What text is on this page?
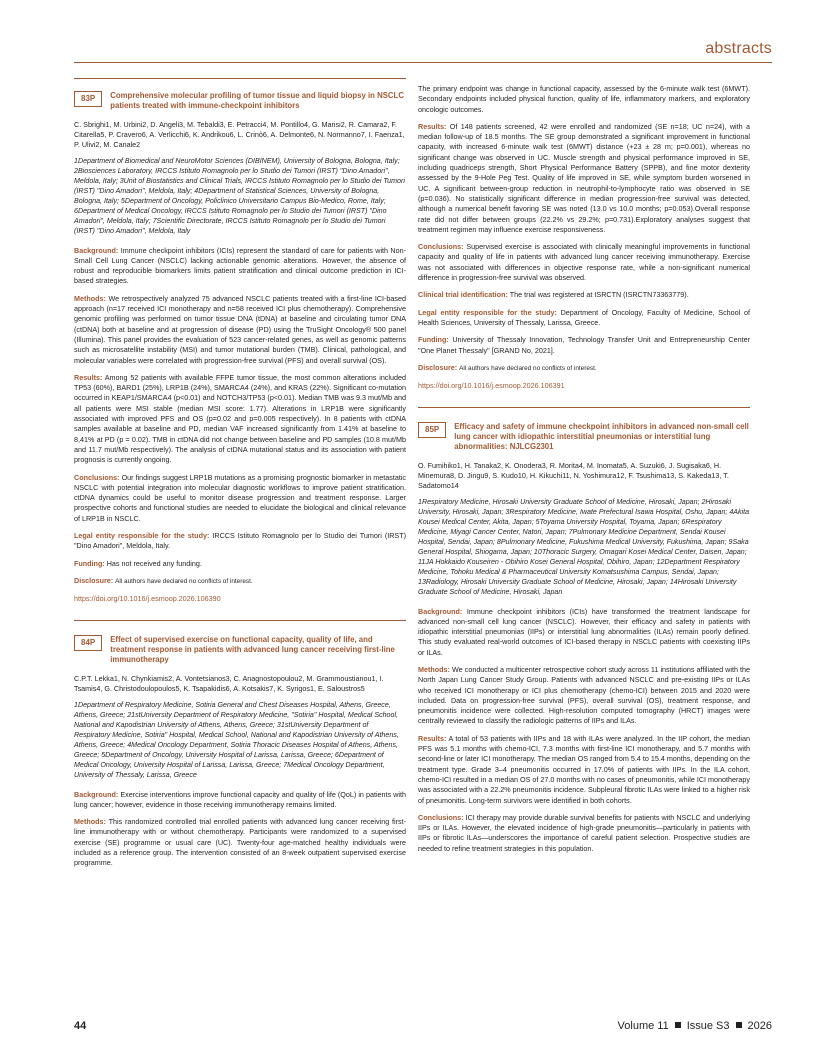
abstracts
83P	Comprehensive molecular profiling of tumor tissue and liquid biopsy in NSCLC patients treated with immune-checkpoint inhibitors

C. Sbrighi1, M. Urbini2, D. Angeli3, M. Tebaldi3, E. Petracci4, M. Pontillo4, G. Marisi2, R. Camara2, F. Citarella5, P. Cravero6, A. Verlicchi6, K. Andrikou6, L. Crinò6, A. Delmonte6, N. Normanno7, I. Faenza1, P. Ulivi2, M. Canale2

1Department of Biomedical and NeuroMotor Sciences (DIBINEM), University of Bologna, Bologna, Italy; 2Biosciences Laboratory, IRCCS Istituto Romagnolo per lo Studio dei Tumori (IRST) "Dino Amadori", Meldola, Italy; 3Unit of Biostatistics and Clinical Trials, IRCCS Istituto Romagnolo per lo Studio dei Tumori (IRST) "Dino Amadori", Meldola, Italy; 4Department of Statistical Sciences, University of Bologna, Bologna, Italy; 5Department of Oncology, Policlinico Universitario Campus Bio-Medico, Rome, Italy; 6Department of Medical Oncology, IRCCS Istituto Romagnolo per lo Studio dei Tumori (IRST) "Dino Amadori", Meldola, Italy; 7Scientific Directorate, IRCCS Istituto Romagnolo per lo Studio dei Tumori (IRST) "Dino Amadori", Meldola, Italy

Background: Immune checkpoint inhibitors (ICIs) represent the standard of care for patients with Non-Small Cell Lung Cancer (NSCLC) lacking actionable genomic alterations. However, the absence of robust and reproducible biomarkers limits patient stratification and clinical outcome prediction in ICI-based strategies.

Methods: We retrospectively analyzed 75 advanced NSCLC patients treated with a first-line ICI-based approach (n=17 received ICI monotherapy and n=58 received ICI plus chemotherapy). Comprehensive genomic profiling was performed on tumor tissue DNA (tDNA) at baseline and circulating tumor DNA (ctDNA) both at baseline and at progression of disease (PD) using the TruSight Oncology® 500 panel (Illumina). This panel provides the evaluation of 523 cancer-related genes, as well as genomic patterns such as microsatellite instability (MSI) and tumor mutational burden (TMB). Clinical, pathological, and molecular variables were correlated with progression-free survival (PFS) and overall survival (OS).

Results: Among 52 patients with available FFPE tumor tissue, the most common alterations included TP53 (60%), BARD1 (25%), LRP1B (24%), SMARCA4 (24%), and KRAS (22%). Significant co-mutation occurred in KEAP1/SMARCA4 (p<0.01) and NOTCH3/TP53 (p<0.01). Median TMB was 9.3 mut/Mb and all patients were MSI stable (median MSI score: 1.77). Alterations in LRP1B were significantly associated with improved PFS and OS (p=0.02 and p=0.005 respectively). In 8 patients with ctDNA samples available at baseline and PD, median VAF increased significantly from 1.41% at baseline to 8,41% at PD (p = 0.02). TMB in ctDNA did not change between baseline and PD samples (10.8 mut/Mb and 11.7 mut/Mb respectively). The analysis of ctDNA mutational status and its association with patient prognosis is currently ongoing.

Conclusions: Our findings suggest LRP1B mutations as a promising prognostic biomarker in metastatic NSCLC with potential integration into molecular diagnostic workflows to improve patient stratification. ctDNA dynamics could be useful to monitor disease progression and treatment response. Larger prospective cohorts and functional studies are needed to elucidate the biological and clinical relevance of LRP1B in NSCLC.

Legal entity responsible for the study: IRCCS Istituto Romagnolo per lo Studio dei Tumori (IRST) "Dino Amadori", Meldola, Italy.

Funding: Has not received any funding.

Disclosure: All authors have declared no conflicts of interest.

https://doi.org/10.1016/j.esmoop.2026.106390

84P	Effect of supervised exercise on functional capacity, quality of life, and treatment response in patients with advanced lung cancer receiving first-line immunotherapy

C.P.T. Lekka1, N. Chynkiamis2, A. Vontetsianos3, C. Anagnostopoulou2, M. Grammoustianou1, I. Tsamis4, G. Christodoulopoulos5, K. Tsapakidis6, A. Kotsakis7, K. Syrigos1, E. Saloustros5

1Department of Respiratory Medicine, Sotiria General and Chest Diseases Hospital, Athens, Greece, Athens, Greece; 21stUniversity Department of Respiratory Medicine, "Sotiria" Hospital, Medical School, National and Kapodistrian University of Athens, Athens, Greece; 31stUniversity Department of Respiratory Medicine, Sotiria" Hospital, Medical School, National and Kapodistrian University of Athens, Athens, Greece; 4Medical Oncology Department, Sotiria Thoracic Diseases Hospital of Athens, Athens, Greece; 5Department of Oncology, University Hospital of Larissa, Larissa, Greece; 6Department of Medical Oncology, University Hospital of Larissa, Larissa, Greece; 7Medical Oncology Department, University of Thessaly, Larissa, Greece

Background: Exercise interventions improve functional capacity and quality of life (QoL) in patients with lung cancer; however, evidence in those receiving immunotherapy remains limited.

Methods: This randomized controlled trial enrolled patients with advanced lung cancer receiving first-line immunotherapy with or without chemotherapy. Participants were randomized to a supervised exercise (SE) programme or usual care (UC). Twenty-four age-matched healthy individuals were included as a reference group. The intervention consisted of an 8-week outpatient supervised exercise programme.

The primary endpoint was change in functional capacity, assessed by the 6-minute walk test (6MWT). Secondary endpoints included physical function, quality of life, inflammatory markers, and exploratory oncologic outcomes.

Results: Of 148 patients screened, 42 were enrolled and randomized (SE n=18; UC n=24), with a median follow-up of 18.5 months. The SE group demonstrated a significant improvement in functional capacity, with increased 6-minute walk test (6MWT) distance (+23 ± 28 m; p=0.001), whereas no significant change was observed in UC. Muscle strength and physical performance improved in SE, including quadriceps strength, Short Physical Performance Battery (SPPB), and fine motor dexterity assessed by the 9-Hole Peg Test. Quality of life improved in SE, while symptom burden worsened in UC. A significant between-group reduction in neutrophil-to-lymphocyte ratio was observed in SE (p=0.036). No statistically significant difference in median progression-free survival was detected, although a numerical benefit favoring SE was noted (13.0 vs 10.0 months; p=0.053).Overall response rate did not differ between groups (22.2% vs 29.2%; p=0.731).Exploratory analyses suggest that treatment regimen may influence exercise responsiveness.

Conclusions: Supervised exercise is associated with clinically meaningful improvements in functional capacity and quality of life in patients with advanced lung cancer receiving immunotherapy. Exercise was not associated with differences in objective response rate, while a non-significant numerical difference in progression-free survival was observed.

Clinical trial identification: The trial was registered at ISRCTN (ISRCTN73363779).

Legal entity responsible for the study: Department of Oncology, Faculty of Medicine, School of Health Sciences, University of Thessaly, Larissa, Greece.

Funding: University of Thessaly Innovation, Technology Transfer Unit and Entrepreneurship Center "One Planet Thessaly" [GRAND No, 2021].

Disclosure: All authors have declared no conflicts of interest.

https://doi.org/10.1016/j.esmoop.2026.106391

85P	Efficacy and safety of immune checkpoint inhibitors in advanced non-small cell lung cancer with idiopathic interstitial pneumonias or interstitial lung abnormalities: NJLCG2301

O. Fumihiko1, H. Tanaka2, K. Onodera3, R. Morita4, M. Inomata5, A. Suzuki6, J. Sugisaka6, H. Minemura8, D. Jingu9, S. Kudo10, H. Kikuchi11, N. Yoshimura12, F. Tsushima13, S. Kakeda13, T. Sadatomo14

1Respiratory Medicine, Hirosaki University Graduate School of Medicine, Hirosaki, Japan; 2Hirosaki University, Hirosaki, Japan; 3Respiratory Medicine, Iwate Prefectural Isawa Hospital, Oshu, Japan; 4Akita Kousei Medical Center, Akita, Japan; 5Toyama University Hospital, Toyama, Japan; 6Respiratory Medicine, Miyagi Cancer Center, Natori, Japan; 7Pulmonary Medicine Department, Sendai Kousei Hospital, Sendai, Japan; 8Pulmonary Medicine, Fukushima Medical University, Fukushima, Japan; 9Saka General Hospital, Shiogama, Japan; 10Thoracic Surgery, Omagari Kosei Medical Center, Daisen, Japan; 11JA Hokkaido Kouseiren - Obihiro Kosei General Hospital, Obihiro, Japan; 12Department Respiratory Medicine, Tohoku Medical & Pharmaceutical University Komatsushima Campus, Sendai, Japan; 13Radiology, Hirosaki University Graduate School of Medicine, Hirosaki, Japan; 14Hirosaki University Graduate School of Medicine, Hirosaki, Japan

Background: Immune checkpoint inhibitors (ICIs) have transformed the treatment landscape for advanced non-small cell lung cancer (NSCLC). However, their efficacy and safety in patients with idiopathic interstitial pneumonias (IIPs) or interstitial lung abnormalities (ILAs) remain poorly defined. This study evaluated real-world outcomes of ICI-based therapy in NSCLC patients with coexisting IIPs or ILAs.

Methods: We conducted a multicenter retrospective cohort study across 11 institutions affiliated with the North Japan Lung Cancer Study Group. Patients with advanced NSCLC and pre-existing IIPs or ILAs who received ICI monotherapy or ICI plus chemotherapy (chemo-ICI) between 2015 and 2020 were included. Data on progression-free survival (PFS), overall survival (OS), treatment response, and pneumonitis incidence were collected. High-resolution computed tomography (HRCT) images were centrally reviewed to classify the radiologic patterns of IIPs and ILAs.

Results: A total of 53 patients with IIPs and 18 with ILAs were analyzed. In the IIP cohort, the median PFS was 5.1 months with chemo-ICI, 7.3 months with first-line ICI monotherapy, and 5.7 months with second-line or later ICI monotherapy. The median OS ranged from 5.4 to 15.4 months, depending on the treatment type. Grade 3–4 pneumonitis occurred in 17.0% of patients with IIPs. In the ILA cohort, chemo-ICI resulted in a median OS of 27.0 months with no cases of pneumonitis, while ICI monotherapy was associated with a 22.2% pneumonitis incidence. Subpleural fibrotic ILAs were linked to a higher risk of pneumonitis. Long-term survivors were identified in both cohorts.

Conclusions: ICI therapy may provide durable survival benefits for patients with NSCLC and underlying IIPs or ILAs. However, the elevated incidence of high-grade pneumonitis—particularly in patients with IIPs or fibrotic ILAs—underscores the importance of careful patient selection. Prospective studies are needed to refine treatment strategies in this population.

44	Volume 11 Issue S3 2026
